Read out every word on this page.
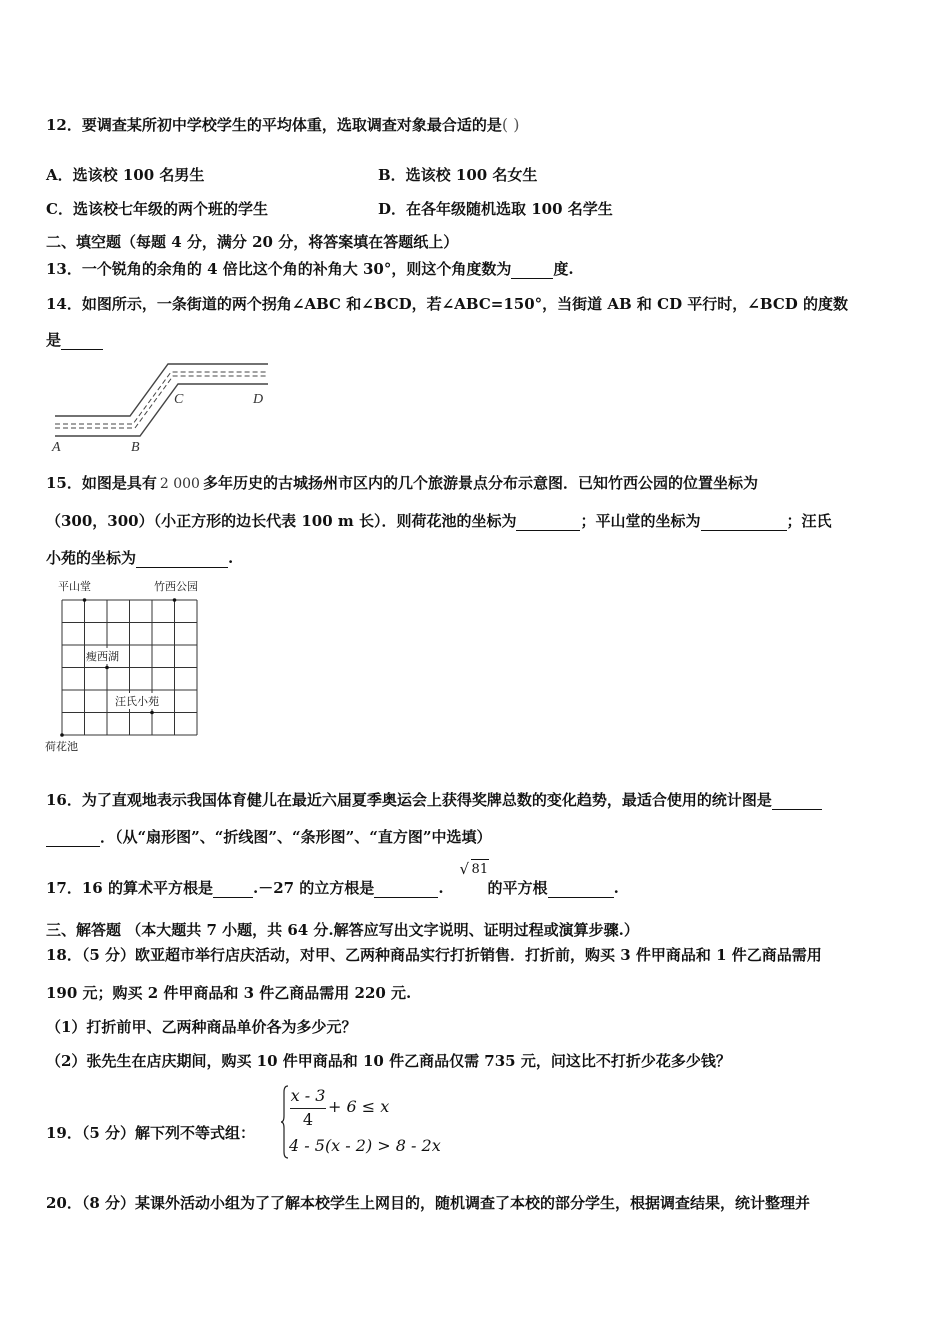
12．要调查某所初中学校学生的平均体重，选取调查对象最合适的是( )
A．选该校 100 名男生	B．选该校 100 名女生
C．选该校七年级的两个班的学生	D．在各年级随机选取 100 名学生
二、填空题（每题 4 分，满分 20 分，将答案填在答题纸上）
13．一个锐角的余角的 4 倍比这个角的补角大 30°，则这个角度数为	度.
14．如图所示，一条街道的两个拐角∠ABC 和∠BCD，若∠ABC=150°，当街道 AB 和 CD 平行时，∠BCD 的度数
是
A	B
C	D
15．如图是具有 2 000 多年历史的古城扬州市区内的几个旅游景点分布示意图．已知竹西公园的位置坐标为
（300，300）（小正方形的边长代表 100 m 长）．则荷花池的坐标为	；平山堂的坐标为	；汪氏
小苑的坐标为	.
平山堂	竹西公园
瘦西湖
汪氏小苑
荷花池
16．为了直观地表示我国体育健儿在最近六届夏季奥运会上获得奖牌总数的变化趋势，最适合使用的统计图是
．（从“扇形图”、“折线图”、“条形图”、“直方图”中选填）
17．16 的算术平方根是	.－27 的立方根是	.
√ 81
的平方根	.
三、解答题 （本大题共 7 小题，共 64 分.解答应写出文字说明、证明过程或演算步骤.）
18．（5 分）欧亚超市举行店庆活动，对甲、乙两种商品实行打折销售．打折前，购买 3 件甲商品和 1 件乙商品需用
190 元；购买 2 件甲商品和 3 件乙商品需用 220 元.
（1）打折前甲、乙两种商品单价各为多少元？
（2）张先生在店庆期间，购买 10 件甲商品和 10 件乙商品仅需 735 元，问这比不打折少花多少钱？
19．（5 分）解下列不等式组：
x - 3
4
+ 6 ≤ x
4 - 5(x - 2) > 8 - 2x
20．（8 分）某课外活动小组为了了解本校学生上网目的，随机调查了本校的部分学生，根据调查结果，统计整理并
